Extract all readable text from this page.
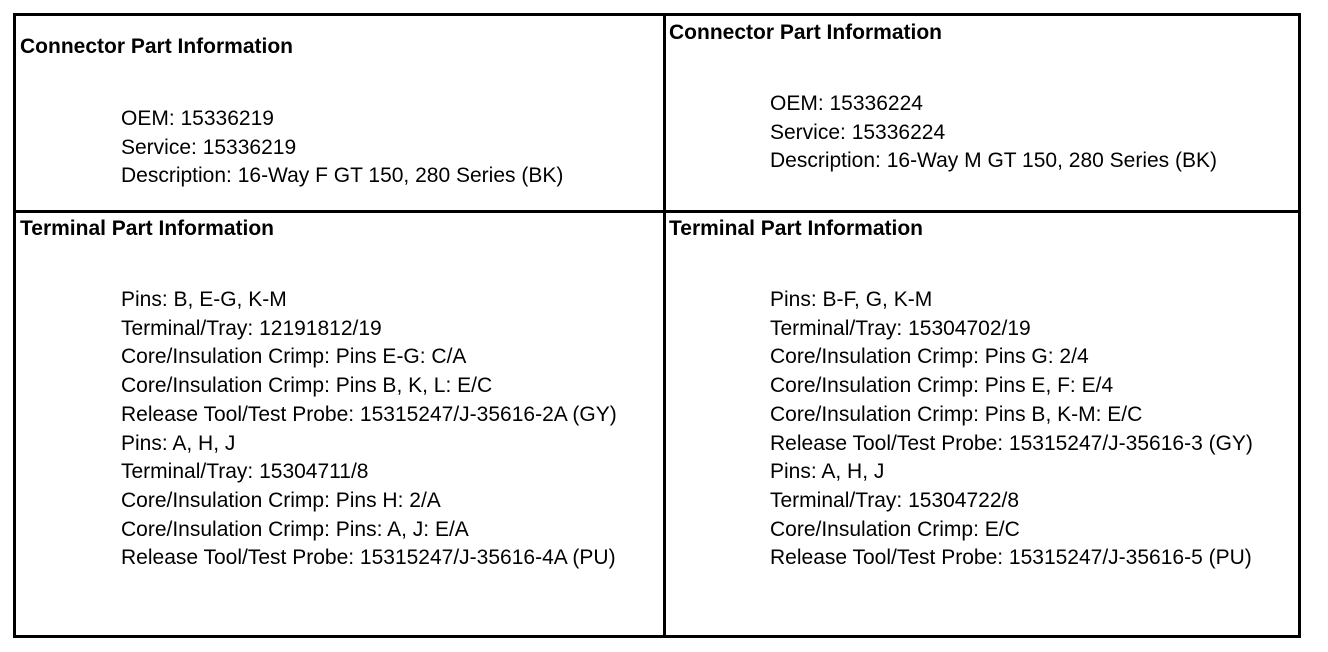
Connector Part Information

OEM: 15336219
Service: 15336219
Description: 16-Way F GT 150, 280 Series (BK)

Connector Part Information

OEM: 15336224
Service: 15336224
Description: 16-Way M GT 150, 280 Series (BK)

Terminal Part Information

Pins: B, E-G, K-M
Terminal/Tray: 12191812/19
Core/Insulation Crimp: Pins E-G: C/A
Core/Insulation Crimp: Pins B, K, L: E/C
Release Tool/Test Probe: 15315247/J-35616-2A (GY)
Pins: A, H, J
Terminal/Tray: 15304711/8
Core/Insulation Crimp: Pins H: 2/A
Core/Insulation Crimp: Pins: A, J: E/A
Release Tool/Test Probe: 15315247/J-35616-4A (PU)

Terminal Part Information

Pins: B-F, G, K-M
Terminal/Tray: 15304702/19
Core/Insulation Crimp: Pins G: 2/4
Core/Insulation Crimp: Pins E, F: E/4
Core/Insulation Crimp: Pins B, K-M: E/C
Release Tool/Test Probe: 15315247/J-35616-3 (GY)
Pins: A, H, J
Terminal/Tray: 15304722/8
Core/Insulation Crimp: E/C
Release Tool/Test Probe: 15315247/J-35616-5 (PU)
